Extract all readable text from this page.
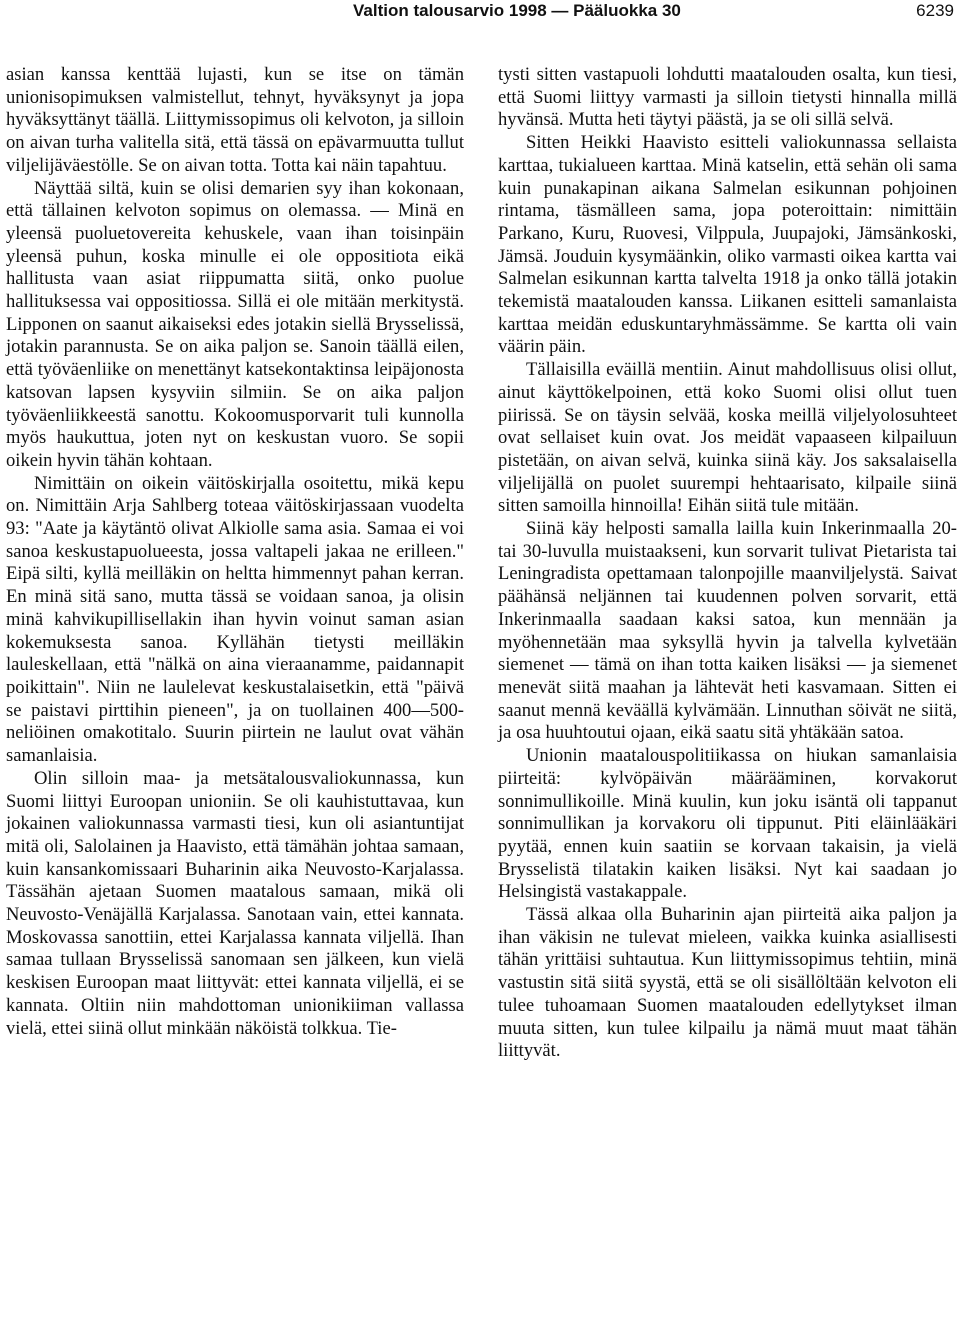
Valtion talousarvio 1998 — Pääluokka 30	6239

asian kanssa kenttää lujasti, kun se itse on tämän unionisopimuksen valmistellut, tehnyt, hyväksynyt ja jopa hyväksyttänyt täällä. Liittymissopimus oli kelvoton, ja silloin on aivan turha valitella sitä, että tässä on epävarmuutta tullut viljelijäväestölle. Se on aivan totta. Totta kai näin tapahtuu.

Näyttää siltä, kuin se olisi demarien syy ihan kokonaan, että tällainen kelvoton sopimus on olemassa. — Minä en yleensä puoluetovereita kehuskele, vaan ihan toisinpäin yleensä puhun, koska minulle ei ole oppositiota eikä hallitusta vaan asiat riippumatta siitä, onko puolue hallituksessa vai oppositiossa. Sillä ei ole mitään merkitystä. Lipponen on saanut aikaiseksi edes jotakin siellä Brysselissä, jotakin parannusta. Se on aika paljon se. Sanoin täällä eilen, että työväenliike on menettänyt katsekontaktinsa leipäjonosta katsovan lapsen kysyviin silmiin. Se on aika paljon työväenliikkeestä sanottu. Kokoomusporvarit tuli kunnolla myös haukuttua, joten nyt on keskustan vuoro. Se sopii oikein hyvin tähän kohtaan.

Nimittäin on oikein väitöskirjalla osoitettu, mikä kepu on. Nimittäin Arja Sahlberg toteaa väitöskirjassaan vuodelta 93: "Aate ja käytäntö olivat Alkiolle sama asia. Samaa ei voi sanoa keskustapuolueesta, jossa valtapeli jakaa ne erilleen." Eipä silti, kyllä meilläkin on heltta himmennyt pahan kerran. En minä sitä sano, mutta tässä se voidaan sanoa, ja olisin minä kahvikupillisellakin ihan hyvin voinut saman asian kokemuksesta sanoa. Kyllähän tietysti meilläkin lauleskellaan, että "nälkä on aina vieraanamme, paidannapit poikittain". Niin ne laulelevat keskustalaisetkin, että "päivä se paistavi pirttihin pieneen", ja on tuollainen 400—500-neliöinen omakotitalo. Suurin piirtein ne laulut ovat vähän samanlaisia.

Olin silloin maa- ja metsätalousvaliokunnassa, kun Suomi liittyi Euroopan unioniin. Se oli kauhistuttavaa, kun jokainen valiokunnassa varmasti tiesi, kun oli asiantuntijat mitä oli, Salolainen ja Haavisto, että tämähän johtaa samaan, kuin kansankomissaari Buharinin aika Neuvosto-Karjalassa. Tässähän ajetaan Suomen maatalous samaan, mikä oli Neuvosto-Venäjällä Karjalassa. Sanotaan vain, ettei kannata. Moskovassa sanottiin, ettei Karjalassa kannata viljellä. Ihan samaa tullaan Brysselissä sanomaan sen jälkeen, kun vielä keskisen Euroopan maat liittyvät: ettei kannata viljellä, ei se kannata. Oltiin niin mahdottoman unionikiiman vallassa vielä, ettei siinä ollut minkään näköistä tolkkua. Tie-

tysti sitten vastapuoli lohdutti maatalouden osalta, kun tiesi, että Suomi liittyy varmasti ja silloin tietysti hinnalla millä hyvänsä. Mutta heti täytyi päästä, ja se oli sillä selvä.

Sitten Heikki Haavisto esitteli valiokunnassa sellaista karttaa, tukialueen karttaa. Minä katselin, että sehän oli sama kuin punakapinan aikana Salmelan esikunnan pohjoinen rintama, täsmälleen sama, jopa poteroittain: nimittäin Parkano, Kuru, Ruovesi, Vilppula, Juupajoki, Jämsänkoski, Jämsä. Jouduin kysymäänkin, oliko varmasti oikea kartta vai Salmelan esikunnan kartta talvelta 1918 ja onko tällä jotakin tekemistä maatalouden kanssa. Liikanen esitteli samanlaista karttaa meidän eduskuntaryhmässämme. Se kartta oli vain väärin päin.

Tällaisilla eväillä mentiin. Ainut mahdollisuus olisi ollut, ainut käyttökelpoinen, että koko Suomi olisi ollut tuen piirissä. Se on täysin selvää, koska meillä viljelyolosuhteet ovat sellaiset kuin ovat. Jos meidät vapaaseen kilpailuun pistetään, on aivan selvä, kuinka siinä käy. Jos saksalaisella viljelijällä on puolet suurempi hehtaarisato, kilpaile siinä sitten samoilla hinnoilla! Eihän siitä tule mitään.

Siinä käy helposti samalla lailla kuin Inkerinmaalla 20- tai 30-luvulla muistaakseni, kun sorvarit tulivat Pietarista tai Leningradista opettamaan talonpojille maanviljelystä. Saivat päähänsä neljännen tai kuudennen polven sorvarit, että Inkerinmaalla saadaan kaksi satoa, kun mennään ja myöhennetään maa syksyllä hyvin ja talvella kylvetään siemenet — tämä on ihan totta kaiken lisäksi — ja siemenet menevät siitä maahan ja lähtevät heti kasvamaan. Sitten ei saanut mennä keväällä kylvämään. Linnuthan söivät ne siitä, ja osa huuhtoutui ojaan, eikä saatu sitä yhtäkään satoa.

Unionin maatalouspolitiikassa on hiukan samanlaisia piirteitä: kylvöpäivän määrääminen, korvakorut sonnimullikoille. Minä kuulin, kun joku isäntä oli tappanut sonnimullikan ja korvakoru oli tippunut. Piti eläinlääkäri pyytää, ennen kuin saatiin se korvaan takaisin, ja vielä Brysselistä tilatakin kaiken lisäksi. Nyt kai saadaan jo Helsingistä vastakappale.

Tässä alkaa olla Buharinin ajan piirteitä aika paljon ja ihan väkisin ne tulevat mieleen, vaikka kuinka asiallisesti tähän yrittäisi suhtautua. Kun liittymissopimus tehtiin, minä vastustin sitä siitä syystä, että se oli sisällöltään kelvoton eli tulee tuhoamaan Suomen maatalouden edellytykset ilman muuta sitten, kun tulee kilpailu ja nämä muut maat tähän liittyvät.
